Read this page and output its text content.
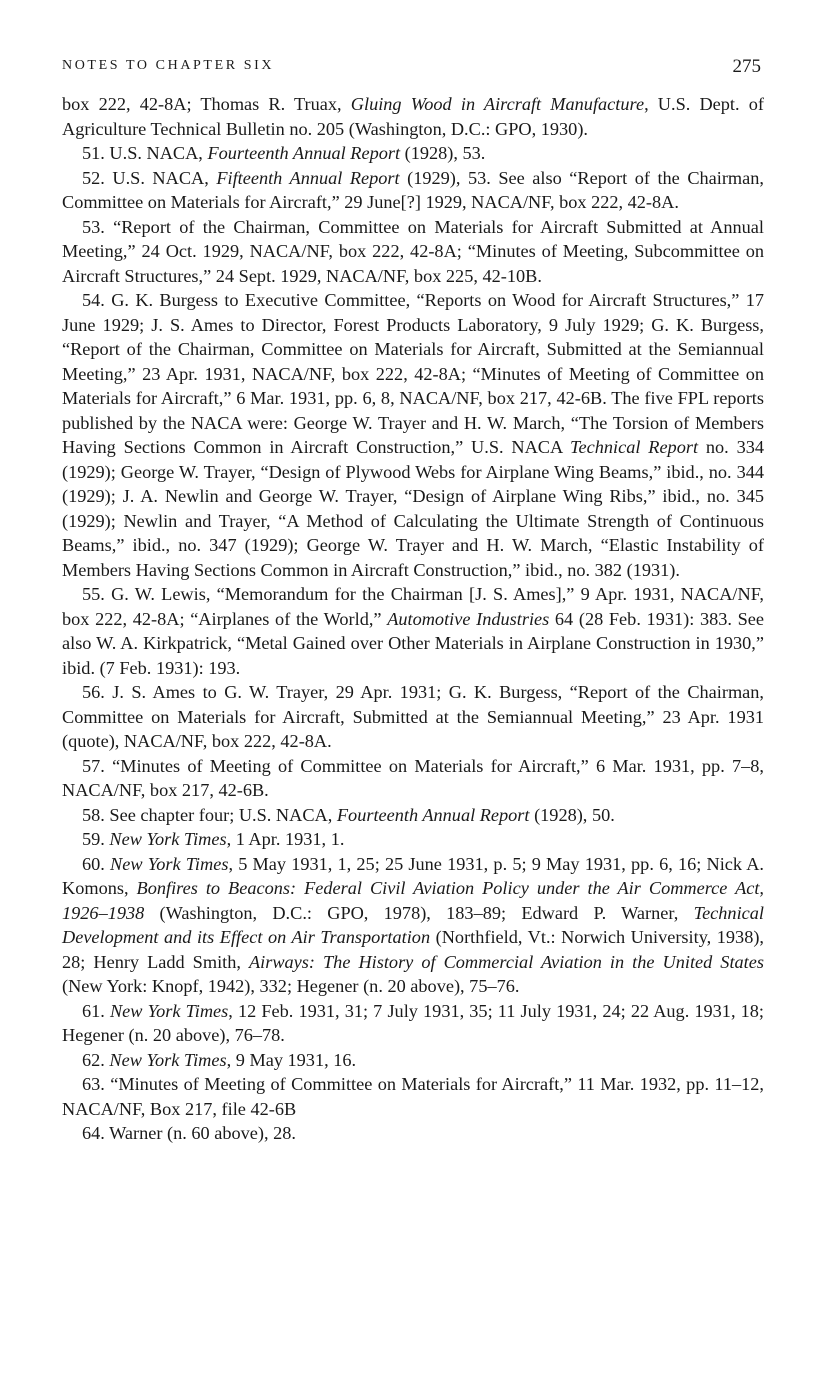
NOTES TO CHAPTER SIX	275

box 222, 42-8A; Thomas R. Truax, Gluing Wood in Aircraft Manufacture, U.S. Dept. of Agriculture Technical Bulletin no. 205 (Washington, D.C.: GPO, 1930).

51. U.S. NACA, Fourteenth Annual Report (1928), 53.

52. U.S. NACA, Fifteenth Annual Report (1929), 53. See also “Report of the Chairman, Committee on Materials for Aircraft,” 29 June[?] 1929, NACA/NF, box 222, 42-8A.

53. “Report of the Chairman, Committee on Materials for Aircraft Submitted at Annual Meeting,” 24 Oct. 1929, NACA/NF, box 222, 42-8A; “Minutes of Meeting, Subcommittee on Aircraft Structures,” 24 Sept. 1929, NACA/NF, box 225, 42-10B.

54. G. K. Burgess to Executive Committee, “Reports on Wood for Aircraft Structures,” 17 June 1929; J. S. Ames to Director, Forest Products Laboratory, 9 July 1929; G. K. Burgess, “Report of the Chairman, Committee on Materials for Aircraft, Submitted at the Semiannual Meeting,” 23 Apr. 1931, NACA/NF, box 222, 42-8A; “Minutes of Meeting of Committee on Materials for Aircraft,” 6 Mar. 1931, pp. 6, 8, NACA/NF, box 217, 42-6B. The five FPL reports published by the NACA were: George W. Trayer and H. W. March, “The Torsion of Members Having Sections Common in Aircraft Construction,” U.S. NACA Technical Report no. 334 (1929); George W. Trayer, “Design of Plywood Webs for Airplane Wing Beams,” ibid., no. 344 (1929); J. A. Newlin and George W. Trayer, “Design of Airplane Wing Ribs,” ibid., no. 345 (1929); Newlin and Trayer, “A Method of Calculating the Ultimate Strength of Continuous Beams,” ibid., no. 347 (1929); George W. Trayer and H. W. March, “Elastic Instability of Members Having Sections Common in Aircraft Construction,” ibid., no. 382 (1931).

55. G. W. Lewis, “Memorandum for the Chairman [J. S. Ames],” 9 Apr. 1931, NACA/NF, box 222, 42-8A; “Airplanes of the World,” Automotive Industries 64 (28 Feb. 1931): 383. See also W. A. Kirkpatrick, “Metal Gained over Other Materials in Airplane Construction in 1930,” ibid. (7 Feb. 1931): 193.

56. J. S. Ames to G. W. Trayer, 29 Apr. 1931; G. K. Burgess, “Report of the Chairman, Committee on Materials for Aircraft, Submitted at the Semiannual Meeting,” 23 Apr. 1931 (quote), NACA/NF, box 222, 42-8A.

57. “Minutes of Meeting of Committee on Materials for Aircraft,” 6 Mar. 1931, pp. 7–8, NACA/NF, box 217, 42-6B.

58. See chapter four; U.S. NACA, Fourteenth Annual Report (1928), 50.

59. New York Times, 1 Apr. 1931, 1.

60. New York Times, 5 May 1931, 1, 25; 25 June 1931, p. 5; 9 May 1931, pp. 6, 16; Nick A. Komons, Bonfires to Beacons: Federal Civil Aviation Policy under the Air Commerce Act, 1926–1938 (Washington, D.C.: GPO, 1978), 183–89; Edward P. Warner, Technical Development and its Effect on Air Transportation (Northfield, Vt.: Norwich University, 1938), 28; Henry Ladd Smith, Airways: The History of Commercial Aviation in the United States (New York: Knopf, 1942), 332; Hegener (n. 20 above), 75–76.

61. New York Times, 12 Feb. 1931, 31; 7 July 1931, 35; 11 July 1931, 24; 22 Aug. 1931, 18; Hegener (n. 20 above), 76–78.

62. New York Times, 9 May 1931, 16.

63. “Minutes of Meeting of Committee on Materials for Aircraft,” 11 Mar. 1932, pp. 11–12, NACA/NF, Box 217, file 42-6B

64. Warner (n. 60 above), 28.
